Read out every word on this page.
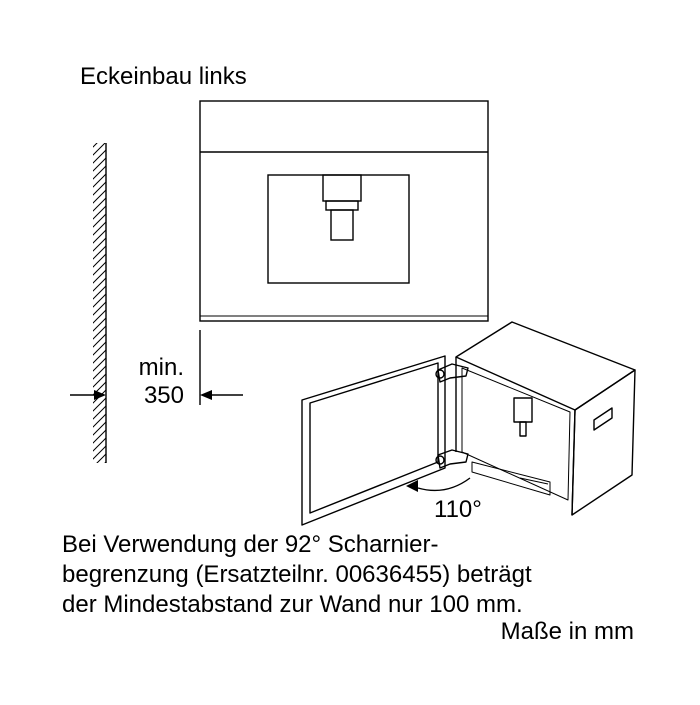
Eckeinbau links

min.

350

110°

Bei Verwendung der 92° Scharnier-

begrenzung (Ersatzteilnr. 00636455) beträgt

der Mindestabstand zur Wand nur 100 mm.

Maße in mm
